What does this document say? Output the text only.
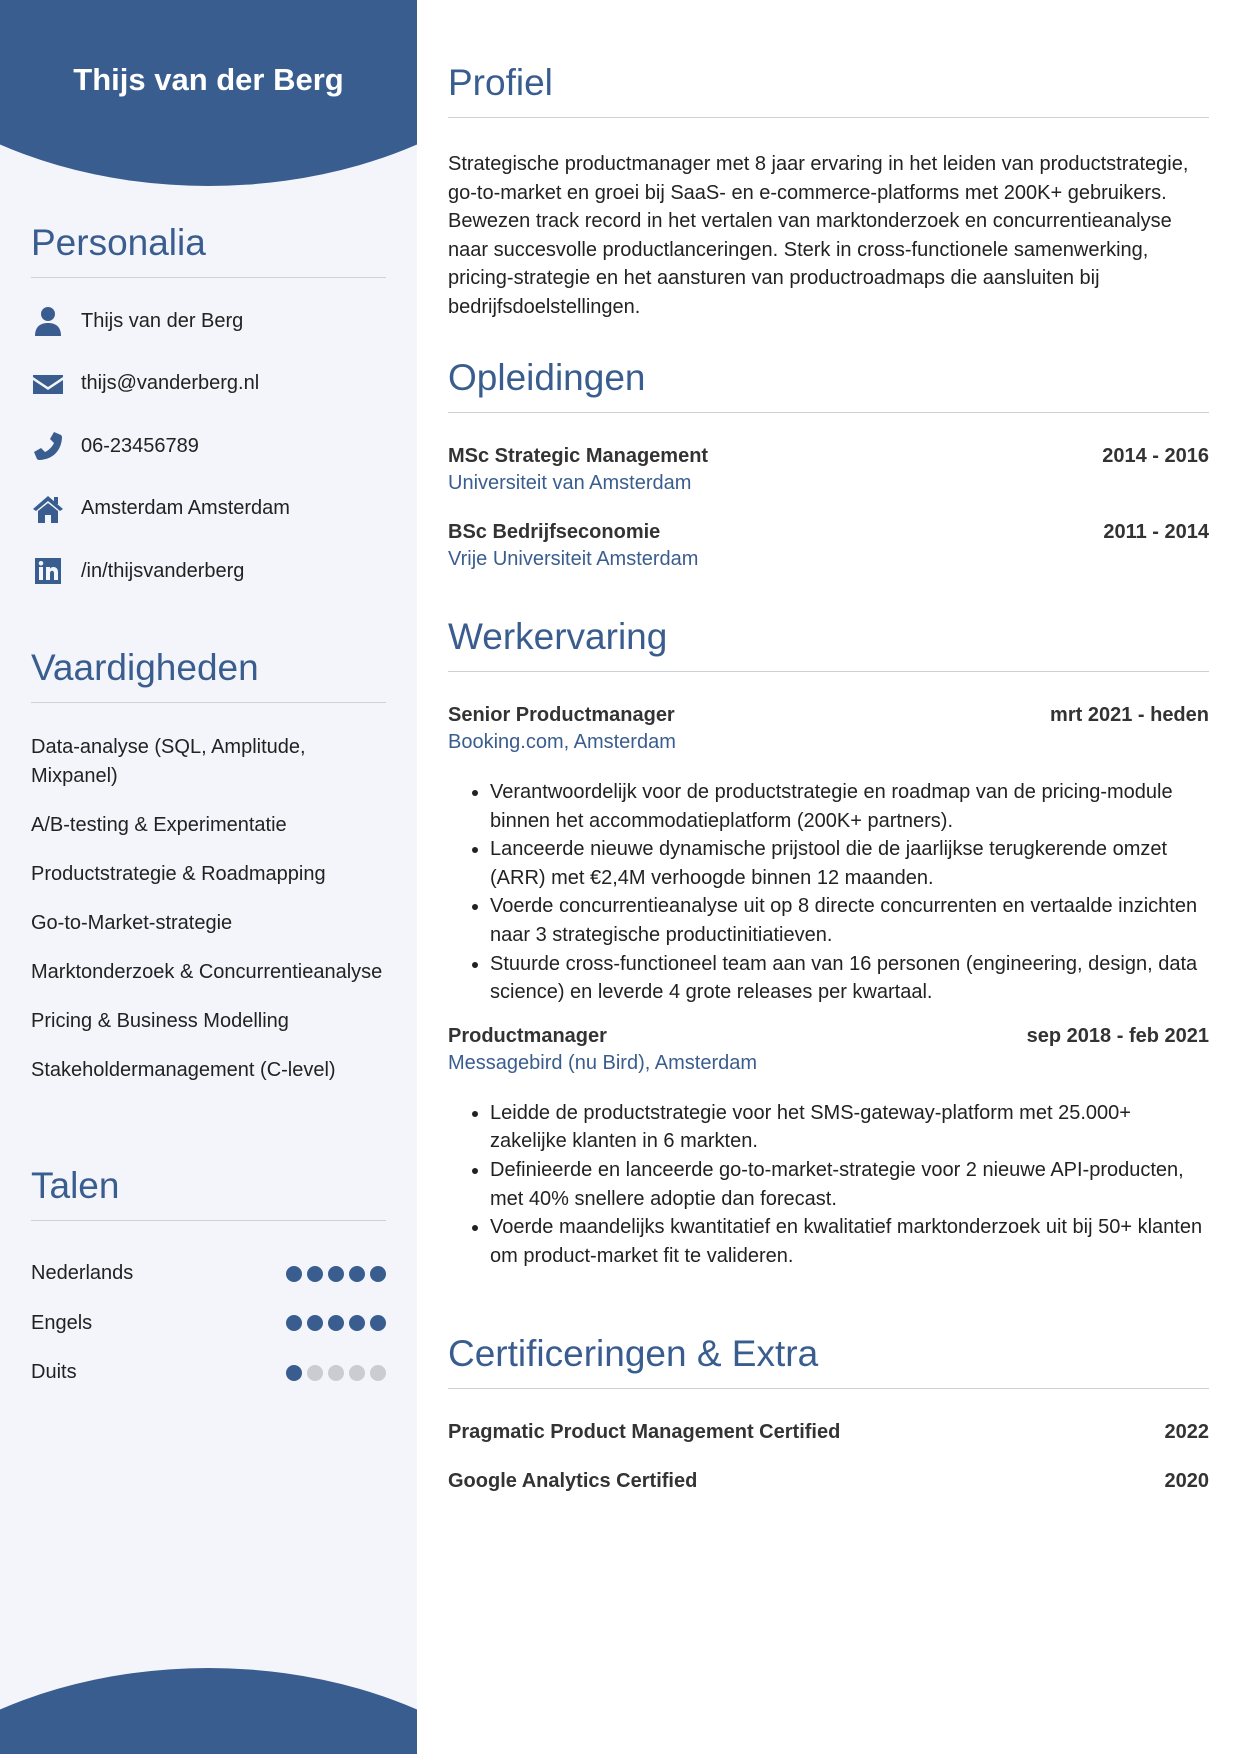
Thijs van der Berg
Personalia
Thijs van der Berg
thijs@vanderberg.nl
06-23456789
Amsterdam Amsterdam
/in/thijsvanderberg
Vaardigheden
Data-analyse (SQL, Amplitude, Mixpanel)
A/B-testing & Experimentatie
Productstrategie & Roadmapping
Go-to-Market-strategie
Marktonderzoek & Concurrentieanalyse
Pricing & Business Modelling
Stakeholdermanagement (C-level)
Talen
Nederlands
Engels
Duits
Profiel

Strategische productmanager met 8 jaar ervaring in het leiden van productstrategie, go-to-market en groei bij SaaS- en e-commerce-platforms met 200K+ gebruikers. Bewezen track record in het vertalen van marktonderzoek en concurrentieanalyse naar succesvolle productlanceringen. Sterk in cross-functionele samenwerking, pricing-strategie en het aansturen van productroadmaps die aansluiten bij bedrijfsdoelstellingen.

Opleidingen
MSc Strategic Management	2014 - 2016
Universiteit van Amsterdam
BSc Bedrijfseconomie	2011 - 2014
Vrije Universiteit Amsterdam
Werkervaring
Senior Productmanager	mrt 2021 - heden
Booking.com, Amsterdam
• Verantwoordelijk voor de productstrategie en roadmap van de pricing-module binnen het accommodatieplatform (200K+ partners).
• Lanceerde nieuwe dynamische prijstool die de jaarlijkse terugkerende omzet (ARR) met €2,4M verhoogde binnen 12 maanden.
• Voerde concurrentieanalyse uit op 8 directe concurrenten en vertaalde inzichten naar 3 strategische productinitiatieven.
• Stuurde cross-functioneel team aan van 16 personen (engineering, design, data science) en leverde 4 grote releases per kwartaal.
Productmanager	sep 2018 - feb 2021
Messagebird (nu Bird), Amsterdam
• Leidde de productstrategie voor het SMS-gateway-platform met 25.000+ zakelijke klanten in 6 markten.
• Definieerde en lanceerde go-to-market-strategie voor 2 nieuwe API-producten, met 40% snellere adoptie dan forecast.
• Voerde maandelijks kwantitatief en kwalitatief marktonderzoek uit bij 50+ klanten om product-market fit te valideren.
Certificeringen & Extra
Pragmatic Product Management Certified	2022
Google Analytics Certified	2020
